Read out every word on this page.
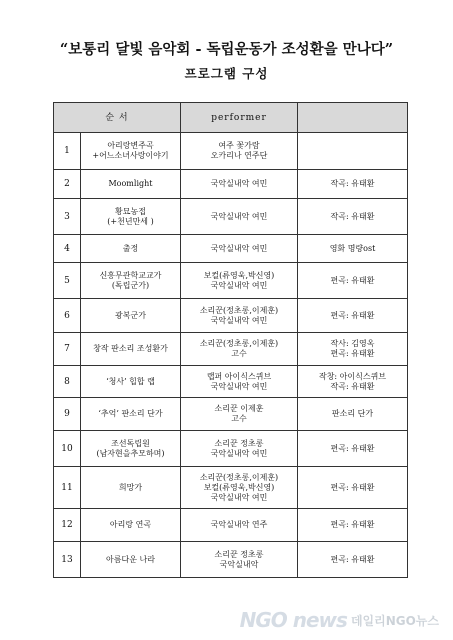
“보통리 달빛 음악회 - 독립운동가 조성환을 만나다”
프로그램 구성
순 서		performer	
1	아리랑변주곡
+어느소녀사랑이야기	여주 꽃가람
오카리나 연주단	

2	Moomlight	국악실내악 여민	작곡: 유태환

3	황묘농접
(+천년만세 )	국악실내악 여민	작곡: 유태환

4	출정	국악실내악 여민	영화 명량ost

5	신흥무관학교교가
(독립군가)	보컬(류영욱,박신영)
국악실내악 여민	편곡: 유태환

6	광복군가	소리꾼(정초롱,이제훈)
국악실내악 여민	편곡: 유태환

7	창작 판소리 조성환가	소리꾼(정초롱,이제훈)
고수	작사: 김영옥
편곡: 유태환

8	‘청사’ 힙합 랩	랩퍼 아이식스퀴브
국악실내악 여민	작창: 아이식스퀴브
작곡: 유태환

9	‘추억’ 판소리 단가	소리꾼 이제훈
고수	판소리 단가

10	조선독립원
(남자현을추모하며)	소리꾼 정초롱
국악실내악 여민	편곡: 유태환

11	희망가	소리꾼(정초롱,이제훈)
보컬(류영욱,박신영)
국악실내악 여민	편곡: 유태환

12	아리랑 연곡	국악실내악 연주	편곡: 유태환

13	아름다운 나라	소리꾼 정초롱
국악실내악	편곡: 유태환
NGO news 데일리NGO뉴스
